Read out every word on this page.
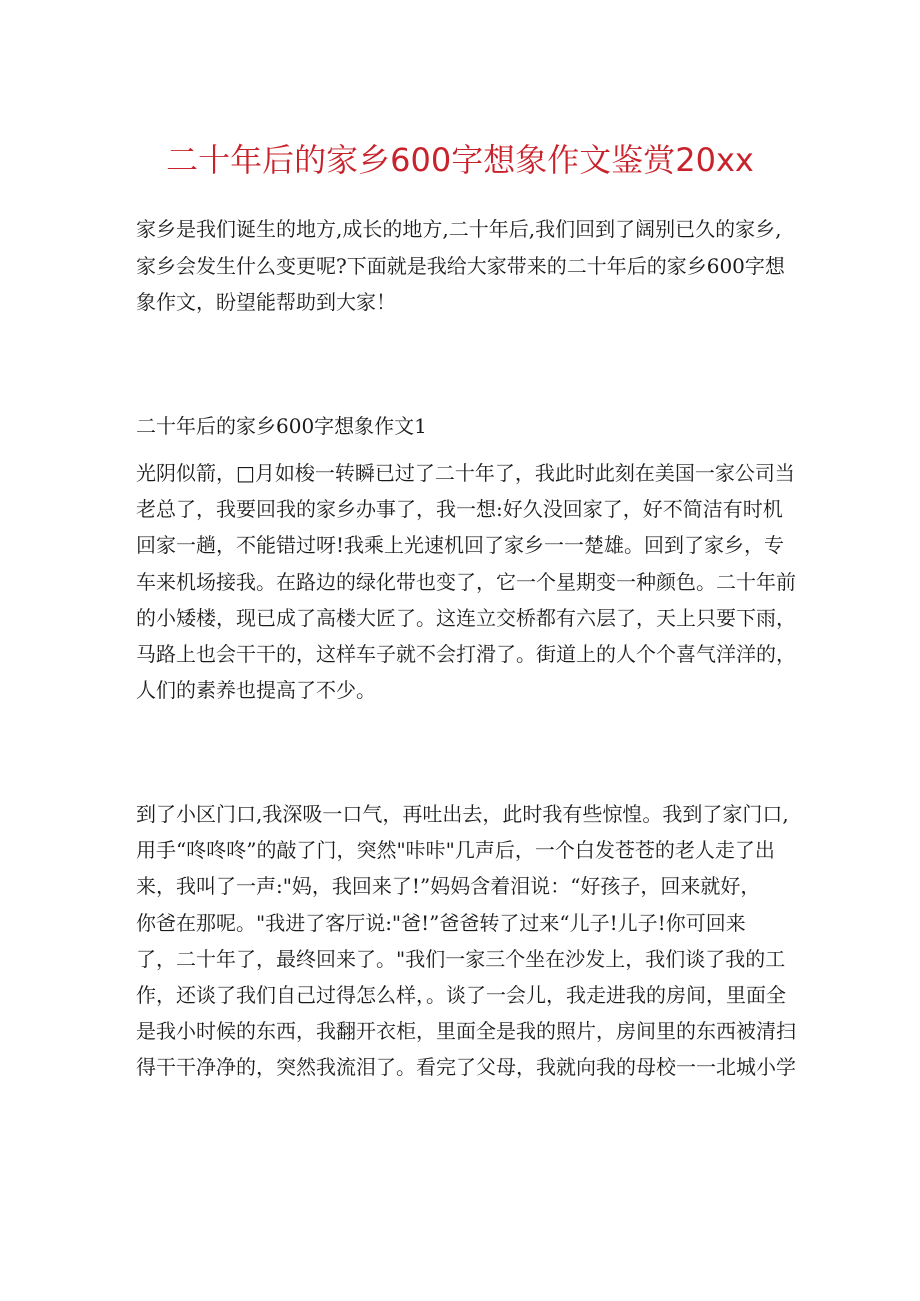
二十年后的家乡600字想象作文鉴赏20xx
家乡是我们诞生的地方,成长的地方,二十年后,我们回到了阔别已久的家乡,
家乡会发生什么变更呢?下面就是我给大家带来的二十年后的家乡600字想
象作文，盼望能帮助到大家！
二十年后的家乡600字想象作文1
光阴似箭，□月如梭一转瞬已过了二十年了，我此时此刻在美国一家公司当
老总了，我要回我的家乡办事了，我一想:好久没回家了，好不简洁有时机
回家一趟，不能错过呀!我乘上光速机回了家乡一一楚雄。回到了家乡，专
车来机场接我。在路边的绿化带也变了，它一个星期变一种颜色。二十年前
的小矮楼，现已成了高楼大匠了。这连立交桥都有六层了，天上只要下雨，
马路上也会干干的，这样车子就不会打滑了。街道上的人个个喜气洋洋的，
人们的素养也提高了不少。
到了小区门口,我深吸一口气，再吐出去，此时我有些惊惶。我到了家门口,
用手“咚咚咚”的敲了门，突然"咔咔"几声后，一个白发苍苍的老人走了出
来，我叫了一声:"妈，我回来了!”妈妈含着泪说：“好孩子，回来就好，
你爸在那呢。"我进了客厅说:"爸!”爸爸转了过来“儿子!儿子!你可回来
了，二十年了，最终回来了。"我们一家三个坐在沙发上，我们谈了我的工
作，还谈了我们自己过得怎么样，。谈了一会儿，我走进我的房间，里面全
是我小时候的东西，我翻开衣柜，里面全是我的照片，房间里的东西被清扫
得干干净净的，突然我流泪了。看完了父母，我就向我的母校一一北城小学
